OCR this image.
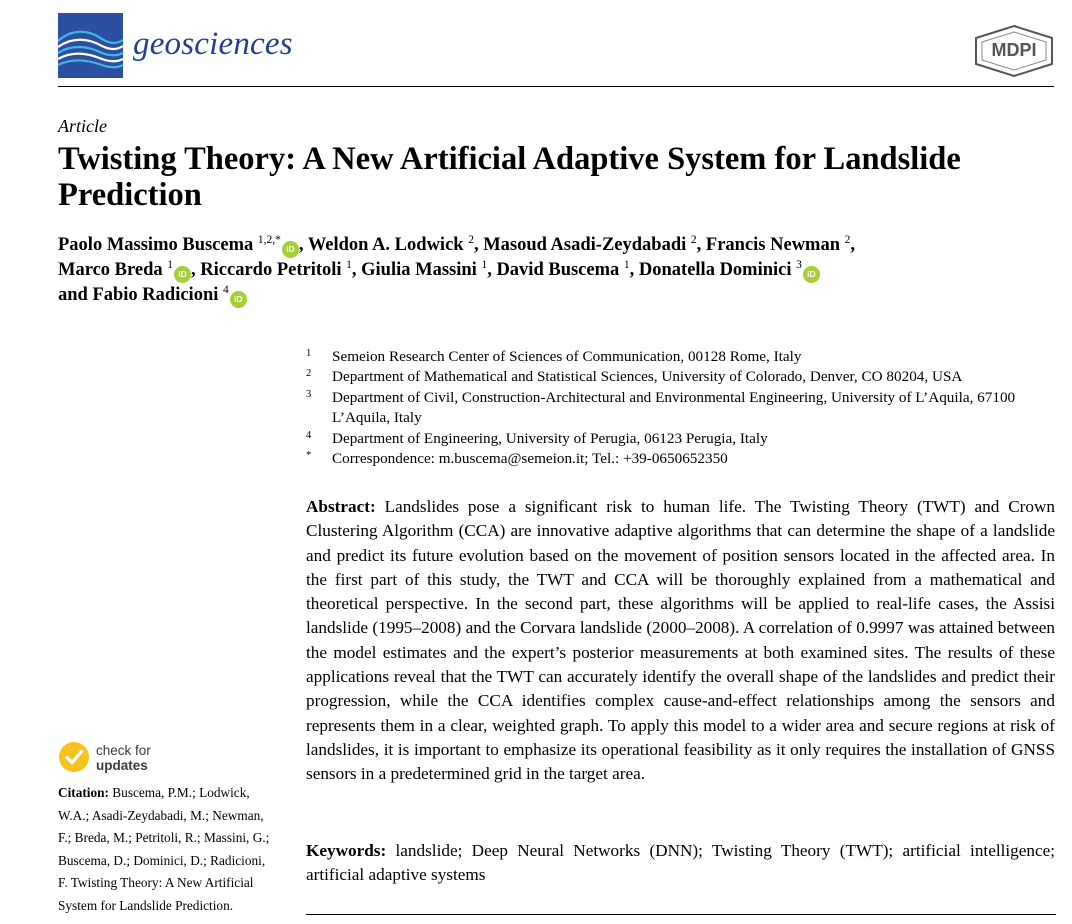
geosciences	MDPI
Article
Twisting Theory: A New Artificial Adaptive System for Landslide Prediction
Paolo Massimo Buscema $^{1,2,*}$iD , Weldon A. Lodwick $^2$, Masoud Asadi-Zeydabadi $^2$, Francis Newman $^2$,
Marco Breda $^1$iD , Riccardo Petritoli $^1$, Giulia Massini $^1$, David Buscema $^1$, Donatella Dominici $^3$iD
and Fabio Radicioni $^4$iD
1 Semeion Research Center of Sciences of Communication, 00128 Rome, Italy
2 Department of Mathematical and Statistical Sciences, University of Colorado, Denver, CO 80204, USA
3 Department of Civil, Construction-Architectural and Environmental Engineering, University of L’Aquila, 67100 L’Aquila, Italy
4 Department of Engineering, University of Perugia, 06123 Perugia, Italy
* Correspondence: m.buscema@semeion.it; Tel.: +39-0650652350
Abstract: Landslides pose a significant risk to human life. The Twisting Theory (TWT) and Crown Clustering Algorithm (CCA) are innovative adaptive algorithms that can determine the shape of a landslide and predict its future evolution based on the movement of position sensors located in the affected area. In the first part of this study, the TWT and CCA will be thoroughly explained from a mathematical and theoretical perspective. In the second part, these algorithms will be applied to real-life cases, the Assisi landslide (1995–2008) and the Corvara landslide (2000–2008). A correlation of 0.9997 was attained between the model estimates and the expert’s posterior measurements at both examined sites. The results of these applications reveal that the TWT can accurately identify the overall shape of the landslides and predict their progression, while the CCA identifies complex cause-and-effect relationships among the sensors and represents them in a clear, weighted graph. To apply this model to a wider area and secure regions at risk of landslides, it is important to emphasize its operational feasibility as it only requires the installation of GNSS sensors in a predetermined grid in the target area.
Keywords: landslide; Deep Neural Networks (DNN); Twisting Theory (TWT); artificial intelligence; artificial adaptive systems
check for
updates
Citation: Buscema, P.M.; Lodwick, W.A.; Asadi-Zeydabadi, M.; Newman, F.; Breda, M.; Petritoli, R.; Massini, G.; Buscema, D.; Dominici, D.; Radicioni, F. Twisting Theory: A New Artificial System for Landslide Prediction.
